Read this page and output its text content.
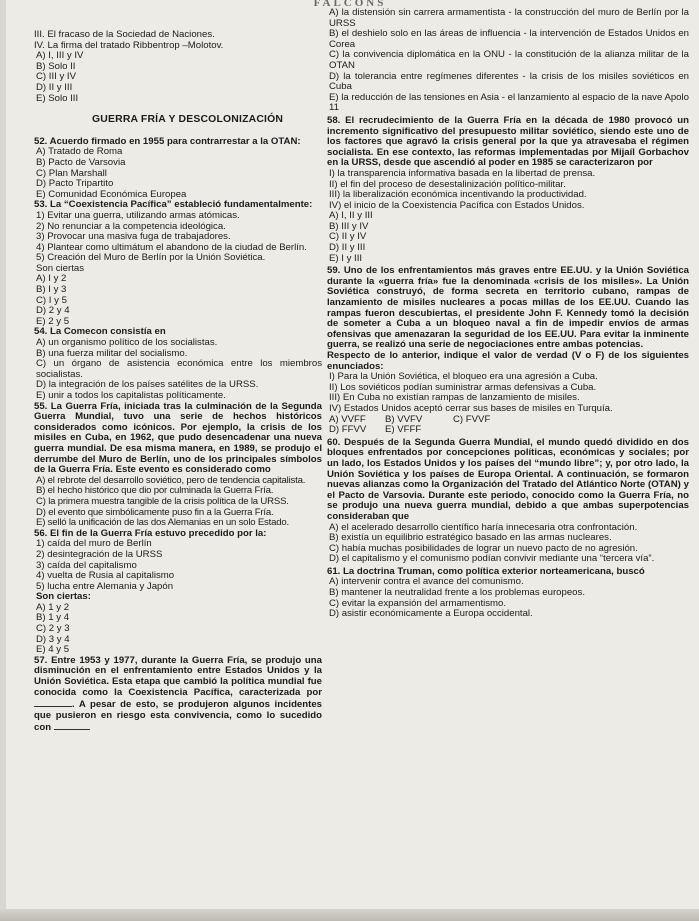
FALCONS
III. El fracaso de la Sociedad de Naciones.
IV. La firma del tratado Ribbentrop –Molotov.
A) I, III y IV
B) Solo II
C) III y IV
D) II y III
E) Solo III
GUERRA FRÍA Y DESCOLONIZACIÓN
52. Acuerdo firmado en 1955 para contrarrestar a la OTAN:
A) Tratado de Roma
B) Pacto de Varsovia
C) Plan Marshall
D) Pacto Tripartito
E) Comunidad Económica Europea
53. La “Coexistencia Pacífica” estableció fundamentalmente:
1) Evitar una guerra, utilizando armas atómicas.
2) No renunciar a la competencia ideológica.
3) Provocar una masiva fuga de trabajadores.
4) Plantear como ultimátum el abandono de la ciudad de Berlín.
5) Creación del Muro de Berlín por la Unión Soviética.
Son ciertas
A) I y 2
B) I y 3
C) I y 5
D) 2 y 4
E) 2 y 5
54. La Comecon consistía en
A) un organismo político de los socialistas.
B) una fuerza militar del socialismo.
C) un órgano de asistencia económica entre los miembros socialistas.
D) la integración de los países satélites de la URSS.
E) unir a todos los capitalistas políticamente.
55. La Guerra Fría, iniciada tras la culminación de la Segunda Guerra Mundial, tuvo una serie de hechos históricos considerados como icónicos. Por ejemplo, la crisis de los misiles en Cuba, en 1962, que pudo desencadenar una nueva guerra mundial. De esa misma manera, en 1989, se produjo el derrumbe del Muro de Berlín, uno de los principales símbolos de la Guerra Fría. Este evento es considerado como
A) el rebrote del desarrollo soviético, pero de tendencia capitalista.
B) el hecho histórico que dio por culminada la Guerra Fría.
C) la primera muestra tangible de la crisis política de la URSS.
D) el evento que simbólicamente puso fin a la Guerra Fría.
E) selló la unificación de las dos Alemanias en un solo Estado.
56. El fin de la Guerra Fría estuvo precedido por la:
1) caída del muro de Berlín
2) desintegración de la URSS
3) caída del capitalismo
4) vuelta de Rusia al capitalismo
5) lucha entre Alemania y Japón
Son ciertas:
A) 1 y 2
B) 1 y 4
C) 2 y 3
D) 3 y 4
E) 4 y 5
57. Entre 1953 y 1977, durante la Guerra Fría, se produjo una disminución en el enfrentamiento entre Estados Unidos y la Unión Soviética. Esta etapa que cambió la política mundial fue conocida como la Coexistencia Pacífica, caracterizada por . A pesar de esto, se produjeron algunos incidentes que pusieron en riesgo esta convivencia, como lo sucedido con
A) la distensión sin carrera armamentista - la construcción del muro de Berlín por la URSS
B) el deshielo solo en las áreas de influencia - la intervención de Estados Unidos en Corea
C) la convivencia diplomática en la ONU - la constitución de la alianza militar de la OTAN
D) la tolerancia entre regímenes diferentes - la crisis de los misiles soviéticos en Cuba
E) la reducción de las tensiones en Asia - el lanzamiento al espacio de la nave Apolo 11
58. El recrudecimiento de la Guerra Fría en la década de 1980 provocó un incremento significativo del presupuesto militar soviético, siendo este uno de los factores que agravó la crisis general por la que ya atravesaba el régimen socialista. En ese contexto, las reformas implementadas por Mijaíl Gorbachov en la URSS, desde que ascendió al poder en 1985 se caracterizaron por
I) la transparencia informativa basada en la libertad de prensa.
II) el fin del proceso de desestalinización político-militar.
III) la liberalización económica incentivando la productividad.
IV) el inicio de la Coexistencia Pacífica con Estados Unidos.
A) I, II y III
B) III y IV
C) II y IV
D) II y III
E) I y III
59. Uno de los enfrentamientos más graves entre EE.UU. y la Unión Soviética durante la «guerra fría» fue la denominada «crisis de los misiles». La Unión Soviética construyó, de forma secreta en territorio cubano, rampas de lanzamiento de misiles nucleares a pocas millas de los EE.UU. Cuando las rampas fueron descubiertas, el presidente John F. Kennedy tomó la decisión de someter a Cuba a un bloqueo naval a fin de impedir envíos de armas ofensivas que amenazaran la seguridad de los EE.UU. Para evitar la inminente guerra, se realizó una serie de negociaciones entre ambas potencias.
Respecto de lo anterior, indique el valor de verdad (V o F) de los siguientes enunciados:
I) Para la Unión Soviética, el bloqueo era una agresión a Cuba.
II) Los soviéticos podían suministrar armas defensivas a Cuba.
III) En Cuba no existían rampas de lanzamiento de misiles.
IV) Estados Unidos aceptó cerrar sus bases de misiles en Turquía.
A) VVFF	B) VVFV	C) FVVF
D) FFVV	E) VFFF
60. Después de la Segunda Guerra Mundial, el mundo quedó dividido en dos bloques enfrentados por concepciones políticas, económicas y sociales; por un lado, los Estados Unidos y los países del “mundo libre”; y, por otro lado, la Unión Soviética y los países de Europa Oriental. A continuación, se formaron nuevas alianzas como la Organización del Tratado del Atlántico Norte (OTAN) y el Pacto de Varsovia. Durante este periodo, conocido como la Guerra Fría, no se produjo una nueva guerra mundial, debido a que ambas superpotencias consideraban que
A) el acelerado desarrollo científico haría innecesaria otra confrontación.
B) existía un equilibrio estratégico basado en las armas nucleares.
C) había muchas posibilidades de lograr un nuevo pacto de no agresión.
D) el capitalismo y el comunismo podían convivir mediante una “tercera vía”.
61. La doctrina Truman, como política exterior norteamericana, buscó
A) intervenir contra el avance del comunismo.
B) mantener la neutralidad frente a los problemas europeos.
C) evitar la expansión del armamentismo.
D) asistir económicamente a Europa occidental.
